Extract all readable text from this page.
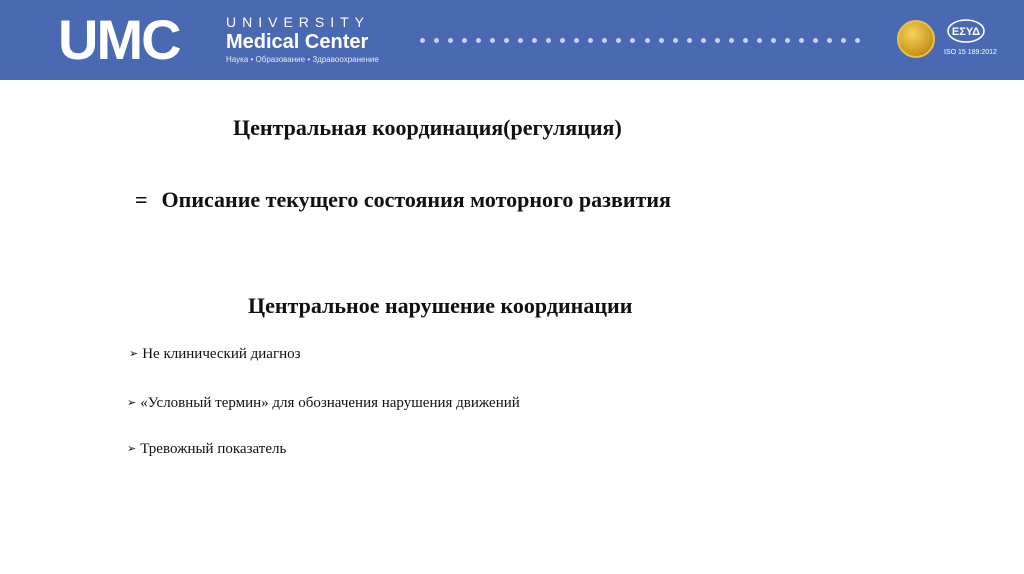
UMC	UNIVERSITY
Medical Center
Наука • Образование • Здравоохранение
ΕΣΥΔ
ISO 15 189:2012
Центральная координация(регуляция)
= Описание текущего состояния моторного развития
Центральное нарушение координации
➢ Не клинический диагноз
➢ «Условный термин» для обозначения нарушения движений
➢ Тревожный показатель
